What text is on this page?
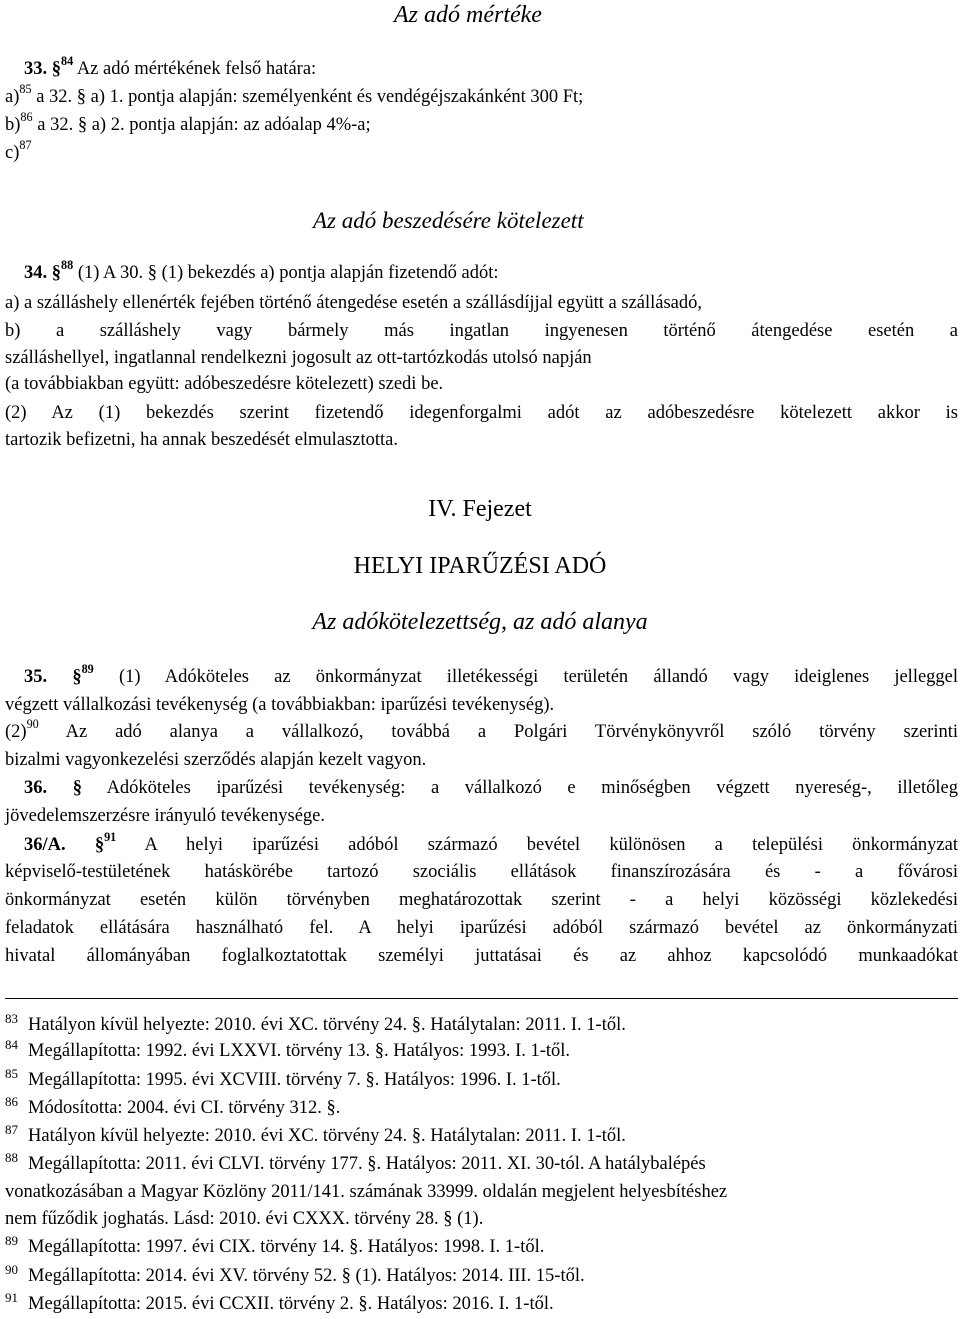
Az adó mértéke
33. §$^{84}$ Az adó mértékének felső határa:
a)$^{85}$ a 32. § a) 1. pontja alapján: személyenként és vendégéjszakánként 300 Ft;
b)$^{86}$ a 32. § a) 2. pontja alapján: az adóalap 4%-a;
c)$^{87}$
Az adó beszedésére kötelezett
34. §$^{88}$ (1) A 30. § (1) bekezdés a) pontja alapján fizetendő adót:
a) a szálláshely ellenérték fejében történő átengedése esetén a szállásdíjjal együtt a szállásadó,
b) a szálláshely vagy bármely más ingatlan ingyenesen történő átengedése esetén a
szálláshellyel, ingatlannal rendelkezni jogosult az ott-tartózkodás utolsó napján
(a továbbiakban együtt: adóbeszedésre kötelezett) szedi be.
(2) Az (1) bekezdés szerint fizetendő idegenforgalmi adót az adóbeszedésre kötelezett akkor is
tartozik befizetni, ha annak beszedését elmulasztotta.
IV. Fejezet
HELYI IPARŰZÉSI ADÓ
Az adókötelezettség, az adó alanya
35. §$^{89}$ (1) Adóköteles az önkormányzat illetékességi területén állandó vagy ideiglenes jelleggel
végzett vállalkozási tevékenység (a továbbiakban: iparűzési tevékenység).
$(2)^{90}$ Az adó alanya a vállalkozó, továbbá a Polgári Törvénykönyvről szóló törvény szerinti
bizalmi vagyonkezelési szerződés alapján kezelt vagyon.
36. § Adóköteles iparűzési tevékenység: a vállalkozó e minőségben végzett nyereség-, illetőleg
jövedelemszerzésre irányuló tevékenysége.
36/A. §$^{91}$ A helyi iparűzési adóból származó bevétel különösen a települési önkormányzat
képviselő-testületének hatáskörébe tartozó szociális ellátások finanszírozására és - a fővárosi
önkormányzat esetén külön törvényben meghatározottak szerint - a helyi közösségi közlekedési
feladatok ellátására használható fel. A helyi iparűzési adóból származó bevétel az önkormányzati
hivatal állományában foglalkoztatottak személyi juttatásai és az ahhoz kapcsolódó munkaadókat
$^{83}$ Hatályon kívül helyezte: 2010. évi XC. törvény 24. §. Hatálytalan: 2011. I. 1-től.
$^{84}$ Megállapította: 1992. évi LXXVI. törvény 13. §. Hatályos: 1993. I. 1-től.
$^{85}$ Megállapította: 1995. évi XCVIII. törvény 7. §. Hatályos: 1996. I. 1-től.
$^{86}$ Módosította: 2004. évi CI. törvény 312. §.
$^{87}$ Hatályon kívül helyezte: 2010. évi XC. törvény 24. §. Hatálytalan: 2011. I. 1-től.
$^{88}$ Megállapította: 2011. évi CLVI. törvény 177. §. Hatályos: 2011. XI. 30-tól. A hatálybalépés
vonatkozásában a Magyar Közlöny 2011/141. számának 33999. oldalán megjelent helyesbítéshez
nem fűződik joghatás. Lásd: 2010. évi CXXX. törvény 28. § (1).
$^{89}$ Megállapította: 1997. évi CIX. törvény 14. §. Hatályos: 1998. I. 1-től.
$^{90}$ Megállapította: 2014. évi XV. törvény 52. § (1). Hatályos: 2014. III. 15-től.
$^{91}$ Megállapította: 2015. évi CCXII. törvény 2. §. Hatályos: 2016. I. 1-től.
